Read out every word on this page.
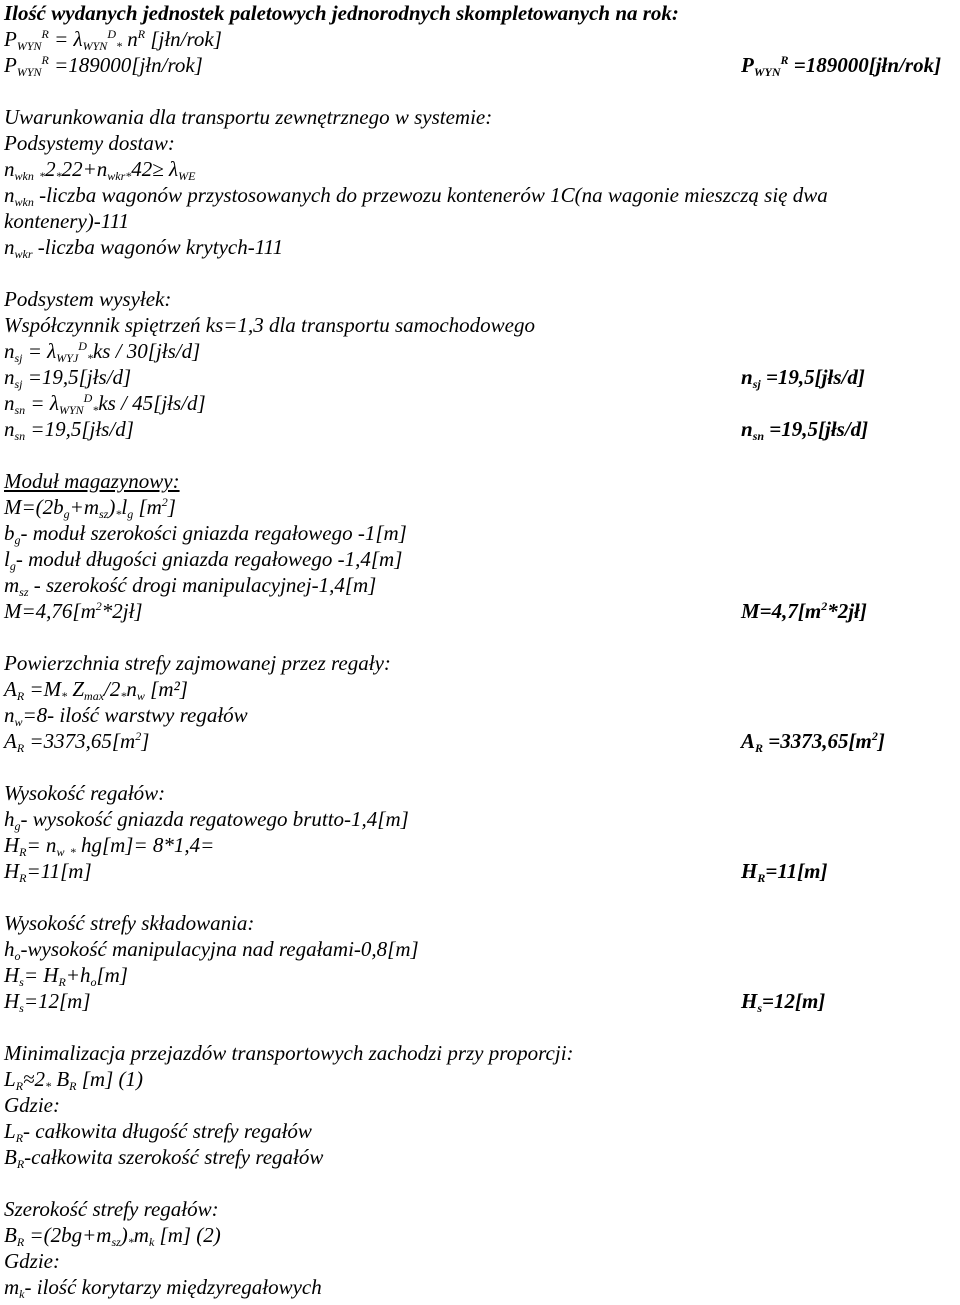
Ilość wydanych jednostek paletowych jednorodnych skompletowanych na rok:
$P_{WYN}^R = \lambda_{WYN}^D_*$ $n^R$ [jłn/rok]
$P_{WYN}^R$ =189000[jłn/rok]
Uwarunkowania dla transportu zewnętrznego w systemie:
Podsystemy dostaw:
$n_{wkn}$ $_*2_*22+n_{wkr*}42\ge \lambda_{WE}$
$n_{wkn}$ -liczba wagonów przystosowanych do przewozu kontenerów 1C(na wagonie mieszczą się dwa
kontenery)-111
$n_{wkr}$ -liczba wagonów krytych-111
Podsystem wysyłek:
Współczynnik spiętrzeń ks=1,3 dla transportu samochodowego
$n_{sj} = \lambda_{WYJ}^D_*ks$ / 30[jłs/d]
$n_{sj}$ =19,5[jłs/d]
$n_{sn} = \lambda_{WYN}^D_*ks$ / 45[jłs/d]
$n_{sn}$ =19,5[jłs/d]
Moduł magazynowy:
$M=(2b_g+m_{sz})_*l_g$ $[m^2]$
$b_g-$ moduł szerokości gniazda regałowego -1[m]
$l_g-$ moduł długości gniazda regałowego -1,4[m]
$m_{sz}$ - szerokość drogi manipulacyjnej-1,4[m]
$M=4,76[m^2*2jł]$
Powierzchnia strefy zajmowanej przez regały:
$A_R =M_*$ $Z_{max}/2_*n_w$ [m²]
$n_w=8-$ ilość warstwy regałów
$A_R =3373,65[m^2]$
Wysokość regałów:
$h_g-$ wysokość gniazda regatowego brutto-1,4[m]
$H_R= n_w$ $_*$ hg[m]= 8*1,4=
$H_R=11[m]$
Wysokość strefy składowania:
$h_o$-wysokość manipulacyjna nad regałami-0,8[m]
$H_s= H_R+h_o[m]$
$H_s=12[m]$
Minimalizacja przejazdów transportowych zachodzi przy proporcji:
$L_R\approx 2_*$ $B_R$ [m] (1)
Gdzie:
$L_R-$ całkowita długość strefy regałów
$B_R$-całkowita szerokość strefy regałów
Szerokość strefy regałów:
$B_R =(2bg+m_{sz})_*m_k$ [m] (2)
Gdzie:
$m_k-$ ilość korytarzy międzyregałowych
$P_{WYN}^R$ =189000[jłn/rok]
$n_{sj}$ =19,5[jłs/d]
$n_{sn}$ =19,5[jłs/d]
$M=4,7[m^2*2jł]$
$A_R =3373,65[m^2]$
$H_R=11[m]$
$H_s=12[m]$
